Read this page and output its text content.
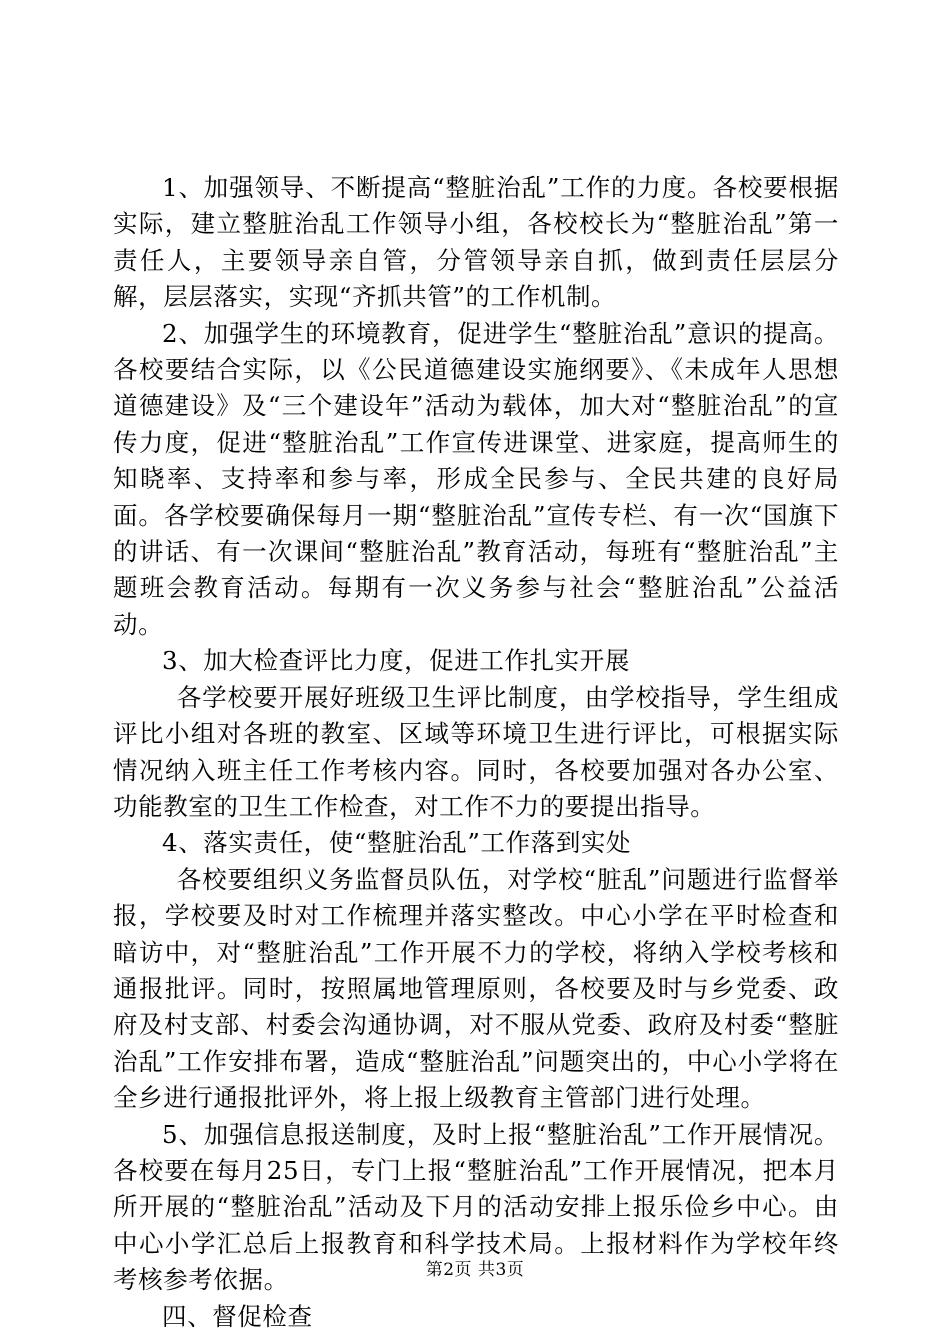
1、加强领导、不断提高“整脏治乱”工作的力度。各校要根据实际，建立整脏治乱工作领导小组，各校校长为“整脏治乱”第一责任人，主要领导亲自管，分管领导亲自抓，做到责任层层分解，层层落实，实现“齐抓共管”的工作机制。

2、加强学生的环境教育，促进学生“整脏治乱”意识的提高。各校要结合实际，以《公民道德建设实施纲要》、《未成年人思想道德建设》及“三个建设年”活动为载体，加大对“整脏治乱”的宣传力度，促进“整脏治乱”工作宣传进课堂、进家庭，提高师生的知晓率、支持率和参与率，形成全民参与、全民共建的良好局面。各学校要确保每月一期“整脏治乱”宣传专栏、有一次“国旗下的讲话、有一次课间“整脏治乱”教育活动，每班有“整脏治乱”主题班会教育活动。每期有一次义务参与社会“整脏治乱”公益活动。

3、加大检查评比力度，促进工作扎实开展

各学校要开展好班级卫生评比制度，由学校指导，学生组成评比小组对各班的教室、区域等环境卫生进行评比，可根据实际情况纳入班主任工作考核内容。同时，各校要加强对各办公室、功能教室的卫生工作检查，对工作不力的要提出指导。

4、落实责任，使“整脏治乱”工作落到实处

各校要组织义务监督员队伍，对学校“脏乱”问题进行监督举报，学校要及时对工作梳理并落实整改。中心小学在平时检查和暗访中，对“整脏治乱”工作开展不力的学校，将纳入学校考核和通报批评。同时，按照属地管理原则，各校要及时与乡党委、政府及村支部、村委会沟通协调，对不服从党委、政府及村委“整脏治乱”工作安排布署，造成“整脏治乱”问题突出的，中心小学将在全乡进行通报批评外，将上报上级教育主管部门进行处理。

5、加强信息报送制度，及时上报“整脏治乱”工作开展情况。各校要在每月25日，专门上报“整脏治乱”工作开展情况，把本月所开展的“整脏治乱”活动及下月的活动安排上报乐俭乡中心。由中心小学汇总后上报教育和科学技术局。上报材料作为学校年终考核参考依据。

四、督促检查

第2页 共3页
